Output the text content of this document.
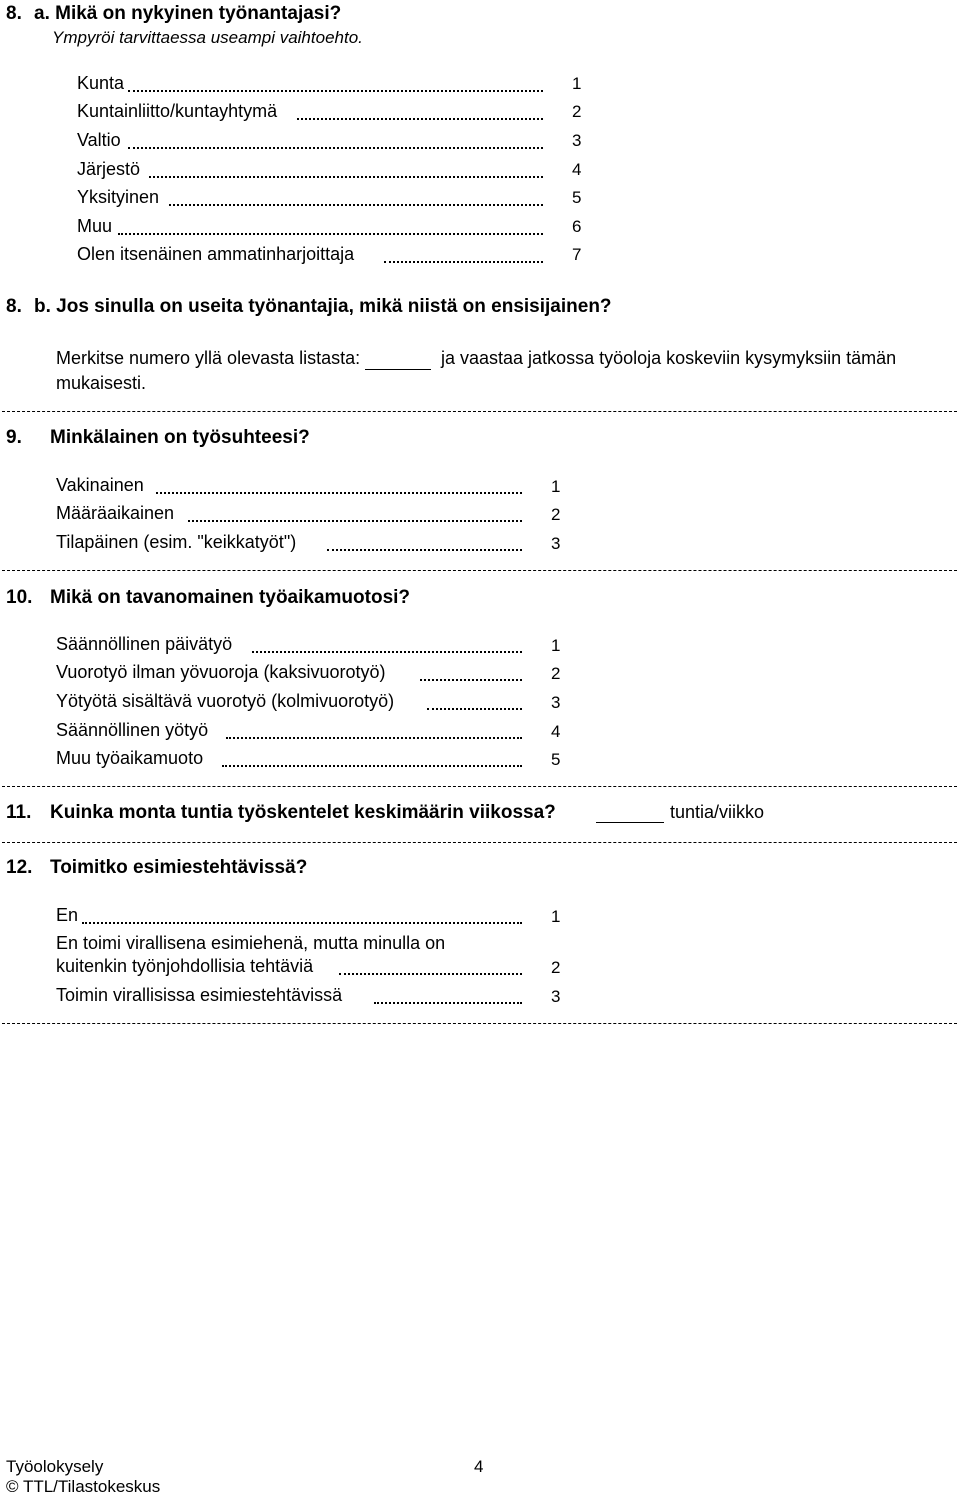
8. a. Mikä on nykyinen työnantajasi?
Ympyröi tarvittaessa useampi vaihtoehto.
Kunta	1
Kuntainliitto/kuntayhtymä	2
Valtio	3
Järjestö	4
Yksityinen	5
Muu	6
Olen itsenäinen ammatinharjoittaja	7
8. b. Jos sinulla on useita työnantajia, mikä niistä on ensisijainen?
Merkitse numero yllä olevasta listasta:	ja vaastaa jatkossa työoloja koskeviin kysymyksiin tämän
mukaisesti.
9. Minkälainen on työsuhteesi?
Vakinainen	1
Määräaikainen	2
Tilapäinen (esim. "keikkatyöt")	3
10. Mikä on tavanomainen työaikamuotosi?
Säännöllinen päivätyö	1
Vuorotyö ilman yövuoroja (kaksivuorotyö)	2
Yötyötä sisältävä vuorotyö (kolmivuorotyö)	3
Säännöllinen yötyö	4
Muu työaikamuoto	5
11. Kuinka monta tuntia työskentelet keskimäärin viikossa?	tuntia/viikko
12. Toimitko esimiestehtävissä?
En	1
En toimi virallisena esimiehenä, mutta minulla on
kuitenkin työnjohdollisia tehtäviä	2
Toimin virallisissa esimiestehtävissä	3
Työolokysely	4
© TTL/Tilastokeskus
